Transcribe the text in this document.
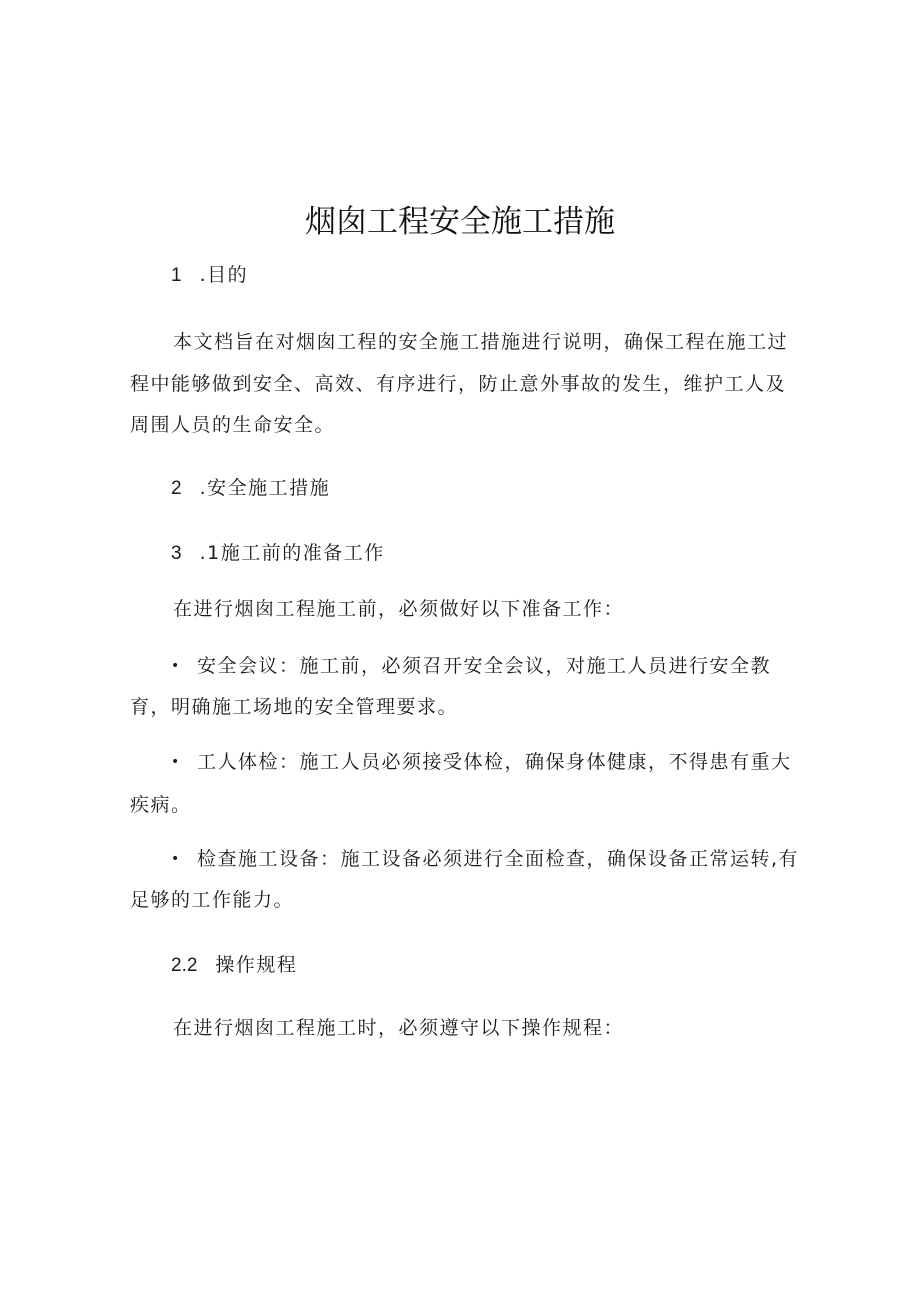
烟囱工程安全施工措施
1 .目的
本文档旨在对烟囱工程的安全施工措施进行说明，确保工程在施工过
程中能够做到安全、高效、有序进行，防止意外事故的发生，维护工人及
周围人员的生命安全。
2 .安全施工措施
3 .1施工前的准备工作
在进行烟囱工程施工前，必须做好以下准备工作：
• 安全会议：施工前，必须召开安全会议，对施工人员进行安全教
育，明确施工场地的安全管理要求。
• 工人体检：施工人员必须接受体检，确保身体健康，不得患有重大
疾病。
• 检查施工设备：施工设备必须进行全面检查，确保设备正常运转,有
足够的工作能力。
2.2 操作规程
在进行烟囱工程施工时，必须遵守以下操作规程：
